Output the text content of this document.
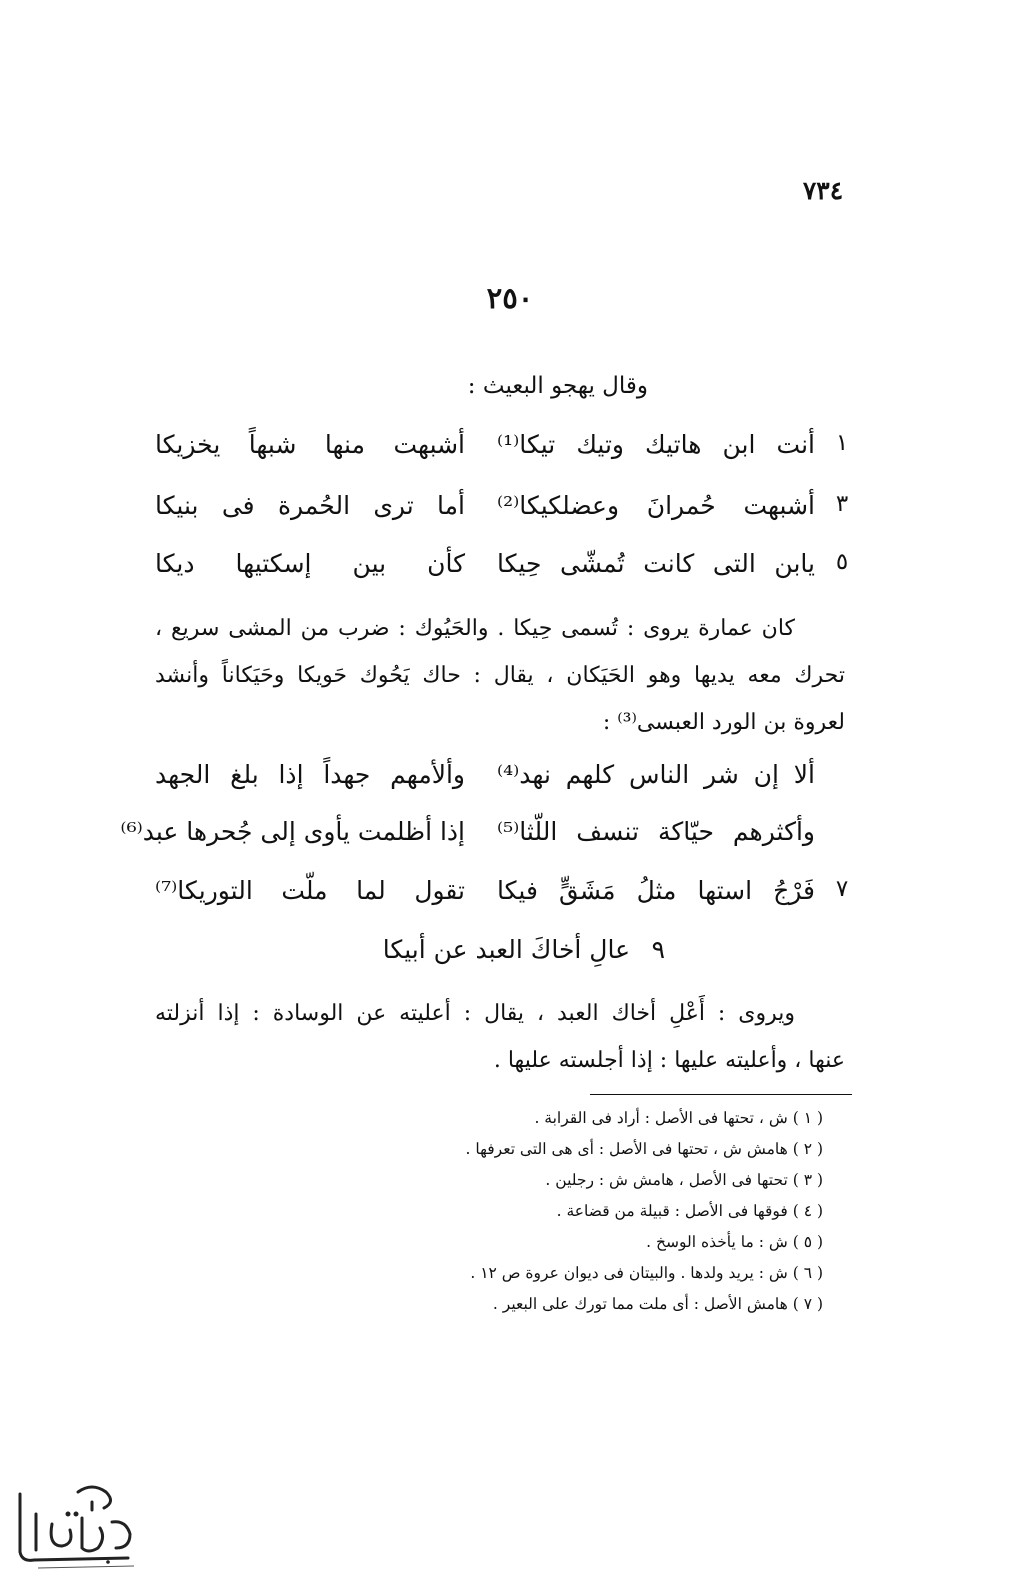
٧٣٤
٢٥٠
وقال يهجو البعيث :
١
أنت ابن هاتيك وتيك تيكا⁽¹⁾
أشبهت منها شبهاً يخزيكا
٣
أشبهت حُمرانَ وعضلكيكا⁽²⁾
أما ترى الحُمرة فى بنيكا
٥
يابن التى كانت تُمشّى حِيكا
كأن بين إسكتيها ديكا
كان عمارة يروى : تُسمى حِيكا . والحَيُوك : ضرب من المشى سريع ،
تحرك معه يديها وهو الحَيَكان ، يقال : حاك يَحُوك حَويكا وحَيَكاناً وأنشد
لعروة بن الورد العبسى⁽³⁾ :
ألا إن شر الناس كلهم نهد⁽⁴⁾
وألأمهم جهداً إذا بلغ الجهد
وأكثرهم حيّاكة تنسف اللّثا⁽⁵⁾
إذا أظلمت يأوى إلى جُحرها عبد⁽⁶⁾
٧
فَرْجُ استها مثلُ مَشَقٍّ فيكا
تقول لما ملّت التوريكا⁽⁷⁾
٩
عالِ أخاكَ العبد عن أبيكا
ويروى : أَعْلِ أخاك العبد ، يقال : أعليته عن الوسادة : إذا أنزلته
عنها ، وأعليته عليها : إذا أجلسته عليها .
( ١ ) ش ، تحتها فى الأصل : أراد فى القرابة .
( ٢ ) هامش ش ، تحتها فى الأصل : أى هى التى تعرفها .
( ٣ ) تحتها فى الأصل ، هامش ش : رجلين .
( ٤ ) فوقها فى الأصل : قبيلة من قضاعة .
( ٥ ) ش : ما يأخذه الوسخ .
( ٦ ) ش : يريد ولدها . والبيتان فى ديوان عروة ص ١٢ .
( ٧ ) هامش الأصل : أى ملت مما تورك على البعير .
